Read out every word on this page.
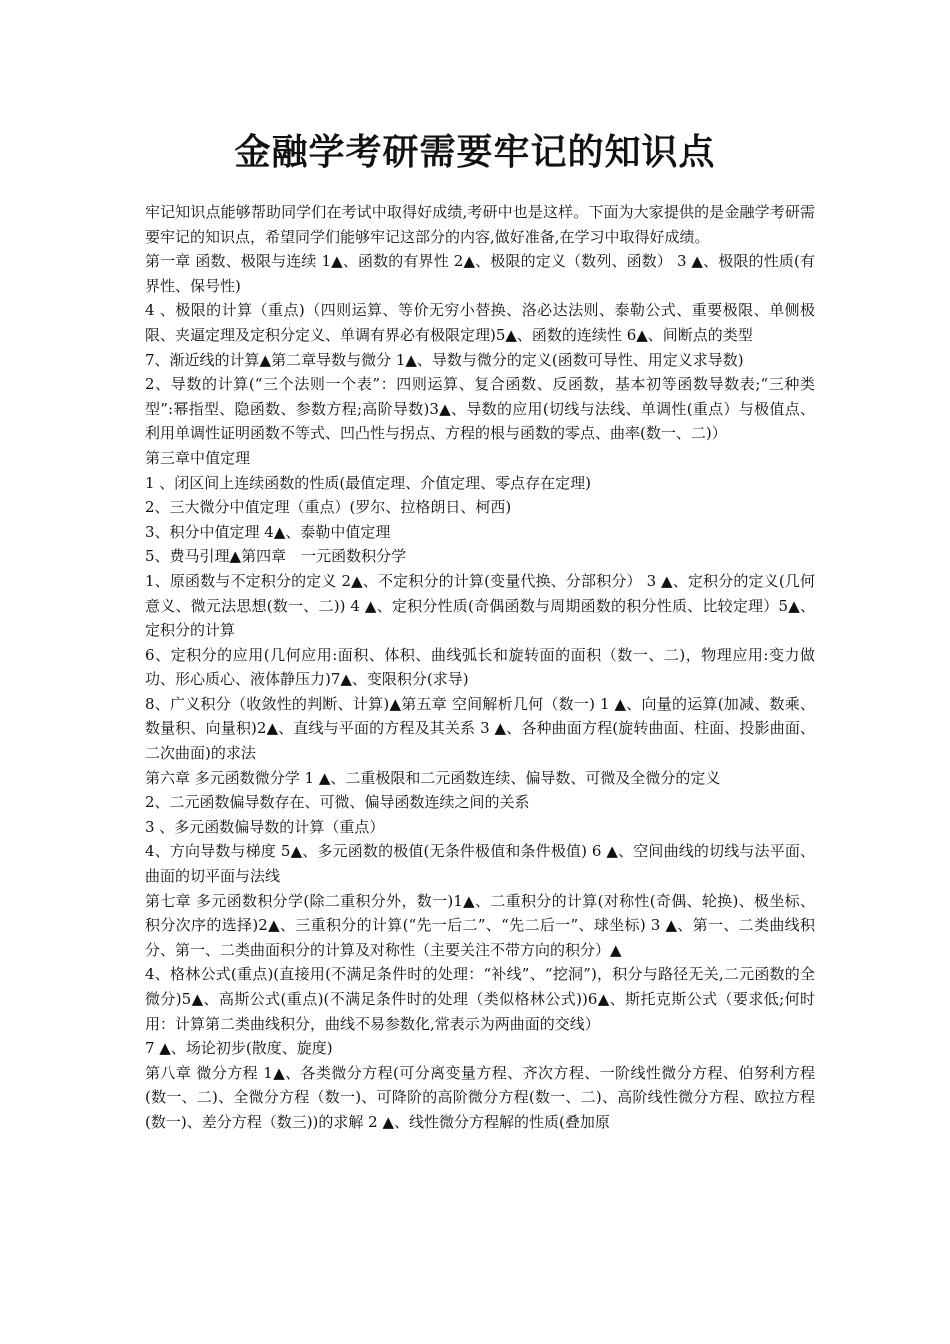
金融学考研需要牢记的知识点

牢记知识点能够帮助同学们在考试中取得好成绩,考研中也是这样。下面为大家提供的是金融学考研需要牢记的知识点，希望同学们能够牢记这部分的内容,做好准备,在学习中取得好成绩。

第一章 函数、极限与连续 1▲、函数的有界性 2▲、极限的定义（数列、函数） 3 ▲、极限的性质(有界性、保号性)

4 、极限的计算（重点)（四则运算、等价无穷小替换、洛必达法则、泰勒公式、重要极限、单侧极限、夹逼定理及定积分定义、单调有界必有极限定理)5▲、函数的连续性 6▲、间断点的类型

7、渐近线的计算▲第二章导数与微分 1▲、导数与微分的定义(函数可导性、用定义求导数)

2、导数的计算(“三个法则一个表”：四则运算、复合函数、反函数，基本初等函数导数表;“三种类型”:幂指型、隐函数、参数方程;高阶导数)3▲、导数的应用(切线与法线、单调性(重点）与极值点、利用单调性证明函数不等式、凹凸性与拐点、方程的根与函数的零点、曲率(数一、二)）

第三章中值定理

1 、闭区间上连续函数的性质(最值定理、介值定理、零点存在定理)

2、三大微分中值定理（重点）(罗尔、拉格朗日、柯西)

3、积分中值定理 4▲、泰勒中值定理

5、费马引理▲第四章　一元函数积分学

1、原函数与不定积分的定义 2▲、不定积分的计算(变量代换、分部积分） 3 ▲、定积分的定义(几何意义、微元法思想(数一、二)) 4 ▲、定积分性质(奇偶函数与周期函数的积分性质、比较定理）5▲、定积分的计算

6、定积分的应用(几何应用:面积、体积、曲线弧长和旋转面的面积（数一、二)，物理应用:变力做功、形心质心、液体静压力)7▲、变限积分(求导)

8、广义积分（收敛性的判断、计算)▲第五章 空间解析几何（数一) 1 ▲、向量的运算(加减、数乘、数量积、向量积)2▲、直线与平面的方程及其关系 3 ▲、各种曲面方程(旋转曲面、柱面、投影曲面、二次曲面)的求法

第六章 多元函数微分学 1 ▲、二重极限和二元函数连续、偏导数、可微及全微分的定义

2、二元函数偏导数存在、可微、偏导函数连续之间的关系

3 、多元函数偏导数的计算（重点）

4、方向导数与梯度 5▲、多元函数的极值(无条件极值和条件极值) 6 ▲、空间曲线的切线与法平面、曲面的切平面与法线

第七章 多元函数积分学(除二重积分外，数一)1▲、二重积分的计算(对称性(奇偶、轮换)、极坐标、积分次序的选择)2▲、三重积分的计算(“先一后二”、“先二后一”、球坐标) 3 ▲、第一、二类曲线积分、第一、二类曲面积分的计算及对称性（主要关注不带方向的积分）▲

4、格林公式(重点)(直接用(不满足条件时的处理：“补线”、“挖洞”)，积分与路径无关,二元函数的全微分)5▲、高斯公式(重点)(不满足条件时的处理（类似格林公式))6▲、斯托克斯公式（要求低;何时用：计算第二类曲线积分，曲线不易参数化,常表示为两曲面的交线）

7 ▲、场论初步(散度、旋度)

第八章 微分方程 1▲、各类微分方程(可分离变量方程、齐次方程、一阶线性微分方程、伯努利方程(数一、二)、全微分方程（数一)、可降阶的高阶微分方程(数一、二)、高阶线性微分方程、欧拉方程(数一)、差分方程（数三))的求解 2 ▲、线性微分方程解的性质(叠加原
